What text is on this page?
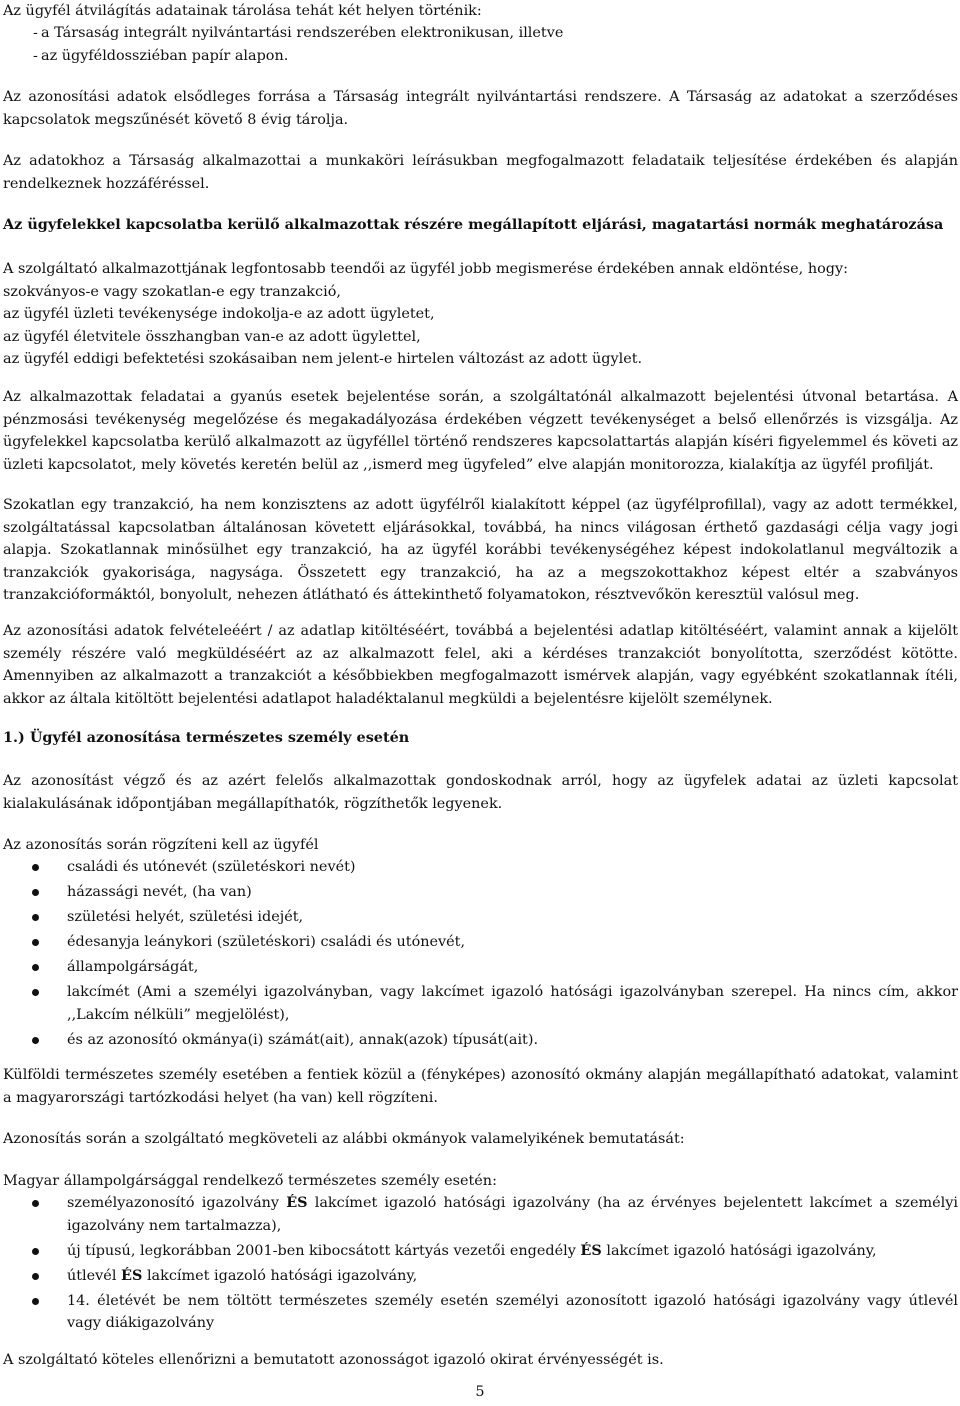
Az ügyfél átvilágítás adatainak tárolása tehát két helyen történik:

- a Társaság integrált nyilvántartási rendszerében elektronikusan, illetve
- az ügyféldossziéban papír alapon.

Az azonosítási adatok elsődleges forrása a Társaság integrált nyilvántartási rendszere. A Társaság az adatokat a szerződéses kapcsolatok megszűnését követő 8 évig tárolja.

Az adatokhoz a Társaság alkalmazottai a munkaköri leírásukban megfogalmazott feladataik teljesítése érdekében és alapján rendelkeznek hozzáféréssel.

Az ügyfelekkel kapcsolatba kerülő alkalmazottak részére megállapított eljárási, magatartási normák meghatározása

A szolgáltató alkalmazottjának legfontosabb teendői az ügyfél jobb megismerése érdekében annak eldöntése, hogy:
szokványos-e vagy szokatlan-e egy tranzakció,
az ügyfél üzleti tevékenysége indokolja-e az adott ügyletet,
az ügyfél életvitele összhangban van-e az adott ügylettel,
az ügyfél eddigi befektetési szokásaiban nem jelent-e hirtelen változást az adott ügylet.

Az alkalmazottak feladatai a gyanús esetek bejelentése során, a szolgáltatónál alkalmazott bejelentési útvonal betartása. A pénzmosási tevékenység megelőzése és megakadályozása érdekében végzett tevékenységet a belső ellenőrzés is vizsgálja. Az ügyfelekkel kapcsolatba kerülő alkalmazott az ügyféllel történő rendszeres kapcsolattartás alapján kíséri figyelemmel és követi az üzleti kapcsolatot, mely követés keretén belül az ,,ismerd meg ügyfeled” elve alapján monitorozza, kialakítja az ügyfél profilját.

Szokatlan egy tranzakció, ha nem konzisztens az adott ügyfélről kialakított képpel (az ügyfélprofillal), vagy az adott termékkel, szolgáltatással kapcsolatban általánosan követett eljárásokkal, továbbá, ha nincs világosan érthető gazdasági célja vagy jogi alapja. Szokatlannak minősülhet egy tranzakció, ha az ügyfél korábbi tevékenységéhez képest indokolatlanul megváltozik a tranzakciók gyakorisága, nagysága. Összetett egy tranzakció, ha az a megszokottakhoz képest eltér a szabványos tranzakcióformáktól, bonyolult, nehezen átlátható és áttekinthető folyamatokon, résztvevőkön keresztül valósul meg.

Az azonosítási adatok felvételeéért / az adatlap kitöltéséért, továbbá a bejelentési adatlap kitöltéséért, valamint annak a kijelölt személy részére való megküldéséért az az alkalmazott felel, aki a kérdéses tranzakciót bonyolította, szerződést kötötte. Amennyiben az alkalmazott a tranzakciót a későbbiekben megfogalmazott ismérvek alapján, vagy egyébként szokatlannak ítéli, akkor az általa kitöltött bejelentési adatlapot haladéktalanul megküldi a bejelentésre kijelölt személynek.

1.) Ügyfél azonosítása természetes személy esetén

Az azonosítást végző és az azért felelős alkalmazottak gondoskodnak arról, hogy az ügyfelek adatai az üzleti kapcsolat kialakulásának időpontjában megállapíthatók, rögzíthetők legyenek.

Az azonosítás során rögzíteni kell az ügyfél

családi és utónevét (születéskori nevét)
házassági nevét, (ha van)
születési helyét, születési idejét,
édesanyja leánykori (születéskori) családi és utónevét,
állampolgárságát,
lakcímét (Ami a személyi igazolványban, vagy lakcímet igazoló hatósági igazolványban szerepel. Ha nincs cím, akkor ,,Lakcím nélküli” megjelölést),
és az azonosító okmánya(i) számát(ait), annak(azok) típusát(ait).

Külföldi természetes személy esetében a fentiek közül a (fényképes) azonosító okmány alapján megállapítható adatokat, valamint a magyarországi tartózkodási helyet (ha van) kell rögzíteni.

Azonosítás során a szolgáltató megköveteli az alábbi okmányok valamelyikének bemutatását:

Magyar állampolgársággal rendelkező természetes személy esetén:

személyazonosító igazolvány ÉS lakcímet igazoló hatósági igazolvány (ha az érvényes bejelentett lakcímet a személyi igazolvány nem tartalmazza),
új típusú, legkorábban 2001-ben kibocsátott kártyás vezetői engedély ÉS lakcímet igazoló hatósági igazolvány,
útlevél ÉS lakcímet igazoló hatósági igazolvány,
14. életévét be nem töltött természetes személy esetén személyi azonosított igazoló hatósági igazolvány vagy útlevél vagy diákigazolvány

A szolgáltató köteles ellenőrizni a bemutatott azonosságot igazoló okirat érvényességét is.

5
